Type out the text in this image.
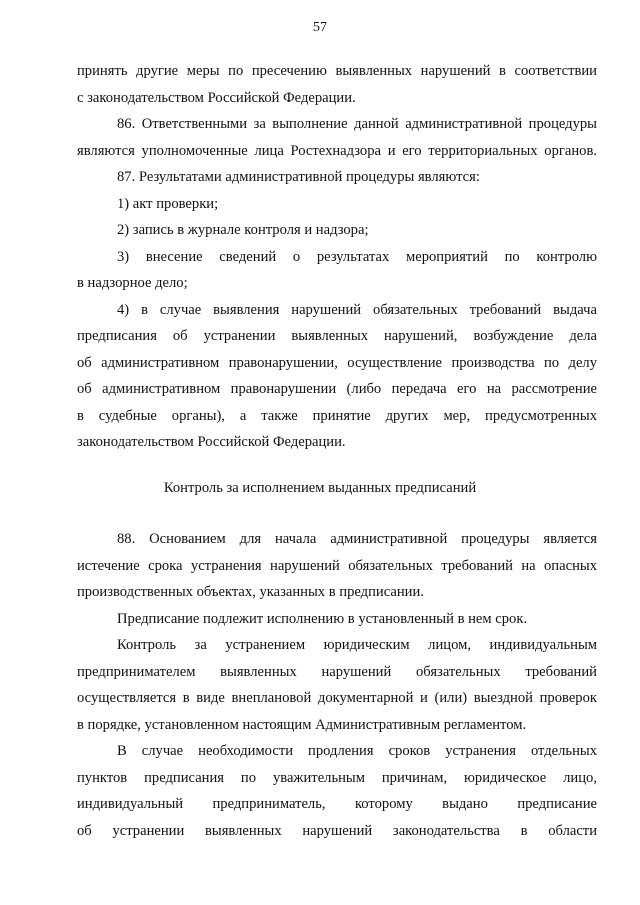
57
принять другие меры по пресечению выявленных нарушений в соответствии
с законодательством Российской Федерации.
86. Ответственными за выполнение данной административной процедуры
являются уполномоченные лица Ростехнадзора и его территориальных органов.
87. Результатами административной процедуры являются:
1) акт проверки;
2) запись в журнале контроля и надзора;
3) внесение сведений о результатах мероприятий по контролю
в надзорное дело;
4) в случае выявления нарушений обязательных требований выдача
предписания об устранении выявленных нарушений, возбуждение дела
об административном правонарушении, осуществление производства по делу
об административном правонарушении (либо передача его на рассмотрение
в судебные органы), а также принятие других мер, предусмотренных
законодательством Российской Федерации.
Контроль за исполнением выданных предписаний
88. Основанием для начала административной процедуры является
истечение срока устранения нарушений обязательных требований на опасных
производственных объектах, указанных в предписании.
Предписание подлежит исполнению в установленный в нем срок.
Контроль за устранением юридическим лицом, индивидуальным
предпринимателем выявленных нарушений обязательных требований
осуществляется в виде внеплановой документарной и (или) выездной проверок
в порядке, установленном настоящим Административным регламентом.
В случае необходимости продления сроков устранения отдельных
пунктов предписания по уважительным причинам, юридическое лицо,
индивидуальный предприниматель, которому выдано предписание
об устранении выявленных нарушений законодательства в области
